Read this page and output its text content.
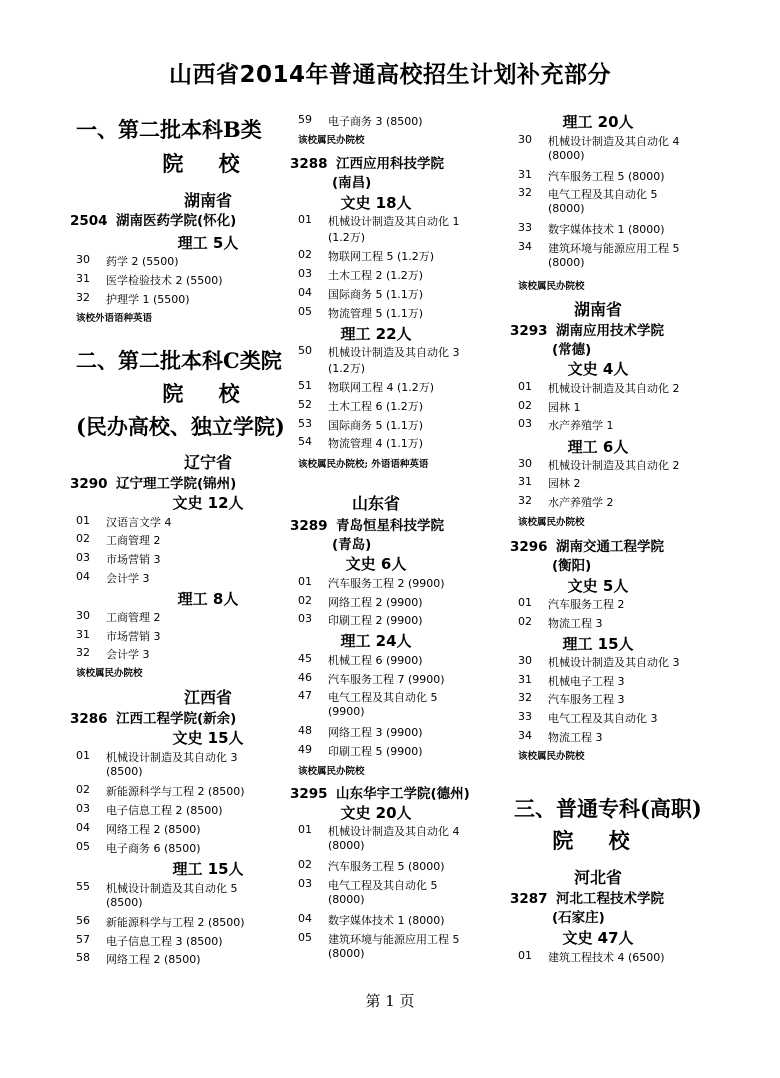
山西省2014年普通高校招生计划补充部分
一、第二批本科B类
院 校
湖南省
2504 湖南医药学院(怀化)
理工 5人
30 药学 2 (5500)
31 医学检验技术 2 (5500)
32 护理学 1 (5500)
该校外语语种英语
二、第二批本科C类院
院 校
(民办高校、独立学院)
辽宁省
3290 辽宁理工学院(锦州)
文史 12人
01 汉语言文学 4
02 工商管理 2
03 市场营销 3
04 会计学 3
理工 8人
30 工商管理 2
31 市场营销 3
32 会计学 3
该校属民办院校
江西省
3286 江西工程学院(新余)
文史 15人
01 机械设计制造及其自动化 3
(8500)
02 新能源科学与工程 2 (8500)
03 电子信息工程 2 (8500)
04 网络工程 2 (8500)
05 电子商务 6 (8500)
理工 15人
55 机械设计制造及其自动化 5
(8500)
56 新能源科学与工程 2 (8500)
57 电子信息工程 3 (8500)
58 网络工程 2 (8500)
59 电子商务 3 (8500)
该校属民办院校
3288 江西应用科技学院
(南昌)
文史 18人
01 机械设计制造及其自动化 1
(1.2万)
02 物联网工程 5 (1.2万)
03 土木工程 2 (1.2万)
04 国际商务 5 (1.1万)
05 物流管理 5 (1.1万)
理工 22人
50 机械设计制造及其自动化 3
(1.2万)
51 物联网工程 4 (1.2万)
52 土木工程 6 (1.2万)
53 国际商务 5 (1.1万)
54 物流管理 4 (1.1万)
该校属民办院校; 外语语种英语
山东省
3289 青岛恒星科技学院
(青岛)
文史 6人
01 汽车服务工程 2 (9900)
02 网络工程 2 (9900)
03 印刷工程 2 (9900)
理工 24人
45 机械工程 6 (9900)
46 汽车服务工程 7 (9900)
47 电气工程及其自动化 5
(9900)
48 网络工程 3 (9900)
49 印刷工程 5 (9900)
该校属民办院校
3295 山东华宇工学院(德州)
文史 20人
01 机械设计制造及其自动化 4
(8000)
02 汽车服务工程 5 (8000)
03 电气工程及其自动化 5
(8000)
04 数字媒体技术 1 (8000)
05 建筑环境与能源应用工程 5
(8000)
理工 20人
30 机械设计制造及其自动化 4
(8000)
31 汽车服务工程 5 (8000)
32 电气工程及其自动化 5
(8000)
33 数字媒体技术 1 (8000)
34 建筑环境与能源应用工程 5
(8000)
该校属民办院校
湖南省
3293 湖南应用技术学院
(常德)
文史 4人
01 机械设计制造及其自动化 2
02 园林 1
03 水产养殖学 1
理工 6人
30 机械设计制造及其自动化 2
31 园林 2
32 水产养殖学 2
该校属民办院校
3296 湖南交通工程学院
(衡阳)
文史 5人
01 汽车服务工程 2
02 物流工程 3
理工 15人
30 机械设计制造及其自动化 3
31 机械电子工程 3
32 汽车服务工程 3
33 电气工程及其自动化 3
34 物流工程 3
该校属民办院校
三、普通专科(高职)
院 校
河北省
3287 河北工程技术学院
(石家庄)
文史 47人
01 建筑工程技术 4 (6500)
第 1 页
